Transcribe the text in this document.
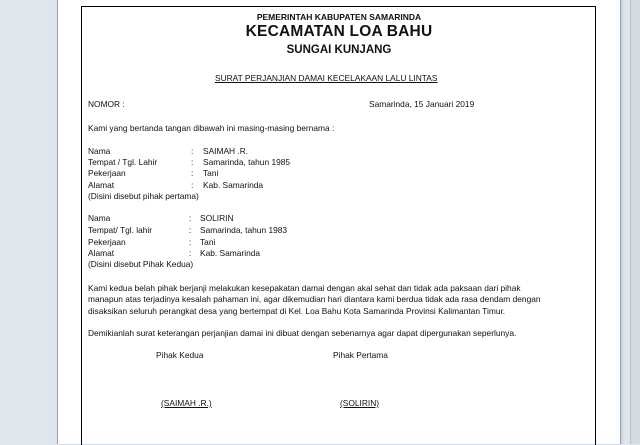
PEMERINTAH KABUPATEN SAMARINDA
KECAMATAN LOA BAHU
SUNGAI KUNJANG
SURAT PERJANJIAN DAMAI KECELAKAAN LALU LINTAS
NOMOR :	Samarinda, 15 Januari 2019
Kami yang bertanda tangan dibawah ini masing-masing bernama :
Nama	: SAIMAH .R.
Tempat / Tgl. Lahir	: Samarinda, tahun 1985
Pekerjaan	: Tani
Alamat	: Kab. Samarinda
(Disini disebut pihak pertama)
Nama	: SOLIRIN
Tempat/ Tgl. lahir	: Samarinda, tahun 1983
Pekerjaan	: Tani
Alamat	: Kab. Samarinda
(Disini disebut Pihak Kedua)
Kami kedua belah pihak berjanji melakukan kesepakatan damai dengan akal sehat dan tidak ada paksaan dari pihak
manapun atas terjadinya kesalah pahaman ini, agar dikemudian hari diantara kami berdua tidak ada rasa dendam dengan
disaksikan seluruh perangkat desa yang bertempat di Kel. Loa Bahu Kota Samarinda Provinsi Kalimantan Timur.
Demikianlah surat keterangan perjanjian damai ini dibuat dengan sebenarnya agar dapat dipergunakan seperlunya.
Pihak Kedua	Pihak Pertama
(SAIMAH .R.)	(SOLIRIN)
